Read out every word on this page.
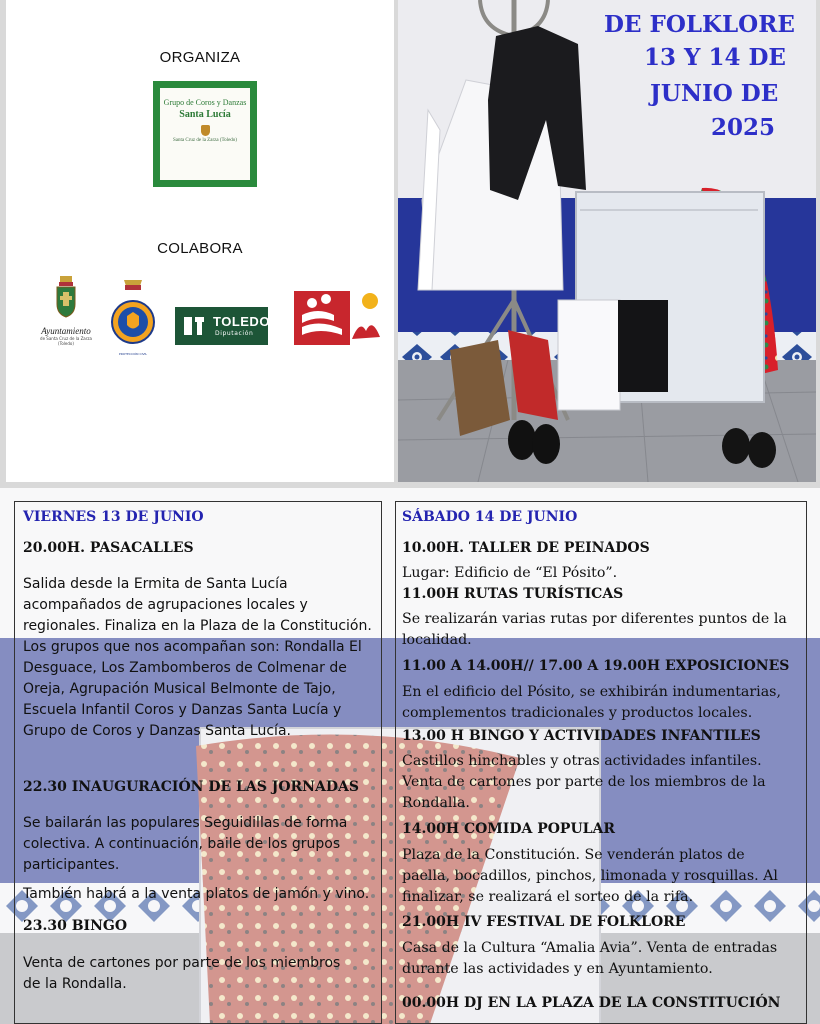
ORGANIZA
Grupo de Coros y Danzas
Santa Lucía
Santa Cruz de la Zarza (Toledo)
COLABORA
Ayuntamiento
de Santa Cruz de la Zarza (Toledo)
PROTECCIÓN CIVIL
TOLEDO
Diputación
DE FOLKLORE
13 Y 14 DE
JUNIO DE
2025
VIERNES 13 DE JUNIO
20.00H. PASACALLES
Salida desde la Ermita de Santa Lucía
acompañados de agrupaciones locales y
regionales. Finaliza en la Plaza de la Constitución.
Los grupos que nos acompañan son: Rondalla El
Desguace, Los Zambomberos de Colmenar de
Oreja, Agrupación Musical Belmonte de Tajo,
Escuela Infantil Coros y Danzas Santa Lucía y
Grupo de Coros y Danzas Santa Lucía.
22.30 INAUGURACIÓN DE LAS JORNADAS
Se bailarán las populares Seguidillas de forma
colectiva. A continuación, baile de los grupos
participantes.
También habrá a la venta platos de jamón y vino.
23.30 BINGO
Venta de cartones por parte de los miembros
de la Rondalla.
SÁBADO 14 DE JUNIO
10.00H. TALLER DE PEINADOS
Lugar: Edificio de “El Pósito”.
11.00H RUTAS TURÍSTICAS
Se realizarán varias rutas por diferentes puntos de la
localidad.
11.00 A 14.00H// 17.00 A 19.00H EXPOSICIONES
En el edificio del Pósito, se exhibirán indumentarias,
complementos tradicionales y productos locales.
13.00 H BINGO Y ACTIVIDADES INFANTILES
Castillos hinchables y otras actividades infantiles.
Venta de cartones por parte de los miembros de la
Rondalla.
14.00H COMIDA POPULAR
Plaza de la Constitución. Se venderán platos de
paella, bocadillos, pinchos, limonada y rosquillas. Al
finalizar, se realizará el sorteo de la rifa.
21.00H IV FESTIVAL DE FOLKLORE
Casa de la Cultura “Amalia Avia”. Venta de entradas
durante las actividades y en Ayuntamiento.
00.00H DJ EN LA PLAZA DE LA CONSTITUCIÓN
